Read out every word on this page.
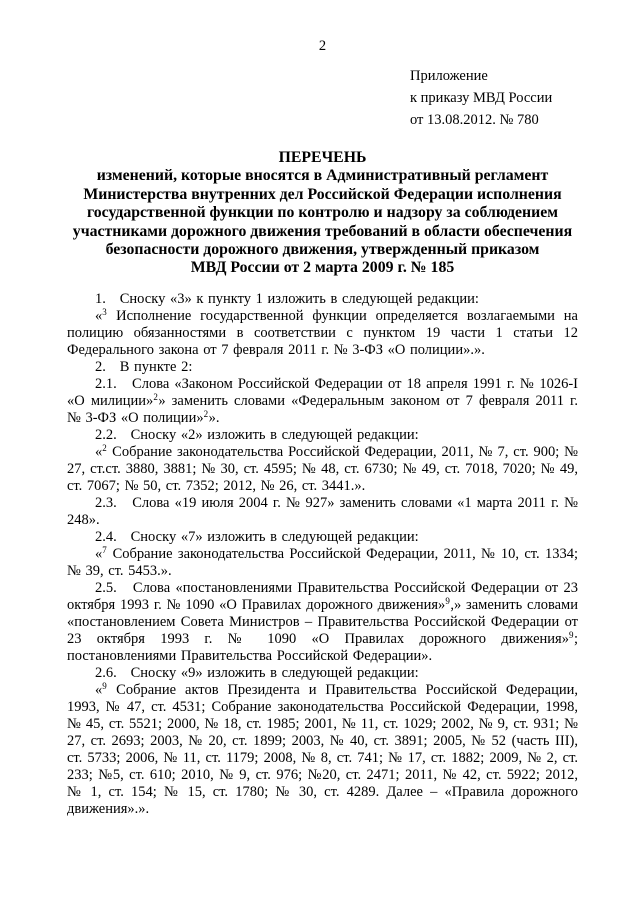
2
Приложение
к приказу МВД России
от 13.08.2012. № 780
ПЕРЕЧЕНЬ
изменений, которые вносятся в Административный регламент
Министерства внутренних дел Российской Федерации исполнения
государственной функции по контролю и надзору за соблюдением
участниками дорожного движения требований в области обеспечения
безопасности дорожного движения, утвержденный приказом
МВД России от 2 марта 2009 г. № 185

1.   Сноску «3» к пункту 1 изложить в следующей редакции:

«$^3$ Исполнение государственной функции определяется возлагаемыми на полицию обязанностями в соответствии с пунктом 19 части 1 статьи 12 Федерального закона от 7 февраля 2011 г. № 3-ФЗ «О полиции».».

2.   В пункте 2:

2.1.   Слова «Законом Российской Федерации от 18 апреля 1991 г. № 1026-I «О милиции»$^2$» заменить словами «Федеральным законом от 7 февраля 2011 г. № 3-ФЗ «О полиции»$^2$».

2.2.   Сноску «2» изложить в следующей редакции:

«$^2$ Собрание законодательства Российской Федерации, 2011, № 7, ст. 900; № 27, ст.ст. 3880, 3881; № 30, ст. 4595; № 48, ст. 6730; № 49, ст. 7018, 7020; № 49, ст. 7067; № 50, ст. 7352; 2012, № 26, ст. 3441.».

2.3.   Слова «19 июля 2004 г. № 927» заменить словами «1 марта 2011 г. № 248».

2.4.   Сноску «7» изложить в следующей редакции:

«$^7$ Собрание законодательства Российской Федерации, 2011, № 10, ст. 1334; № 39, ст. 5453.».

2.5.   Слова «постановлениями Правительства Российской Федерации от 23 октября 1993 г. № 1090 «О Правилах дорожного движения»$^9$,» заменить словами «постановлением Совета Министров – Правительства Российской Федерации от 23 октября 1993 г. № 1090 «О Правилах дорожного движения»$^9$; постановлениями Правительства Российской Федерации».

2.6.   Сноску «9» изложить в следующей редакции:

«$^9$ Собрание актов Президента и Правительства Российской Федерации, 1993, № 47, ст. 4531; Собрание законодательства Российской Федерации, 1998, № 45, ст. 5521; 2000, № 18, ст. 1985; 2001, № 11, ст. 1029; 2002, № 9, ст. 931; № 27, ст. 2693; 2003, № 20, ст. 1899; 2003, № 40, ст. 3891; 2005, № 52 (часть III), ст. 5733; 2006, № 11, ст. 1179; 2008, № 8, ст. 741; № 17, ст. 1882; 2009, № 2, ст. 233; №5, ст. 610; 2010, № 9, ст. 976; №20, ст. 2471; 2011, № 42, ст. 5922; 2012, № 1, ст. 154; № 15, ст. 1780; № 30, ст. 4289. Далее – «Правила дорожного движения».».
